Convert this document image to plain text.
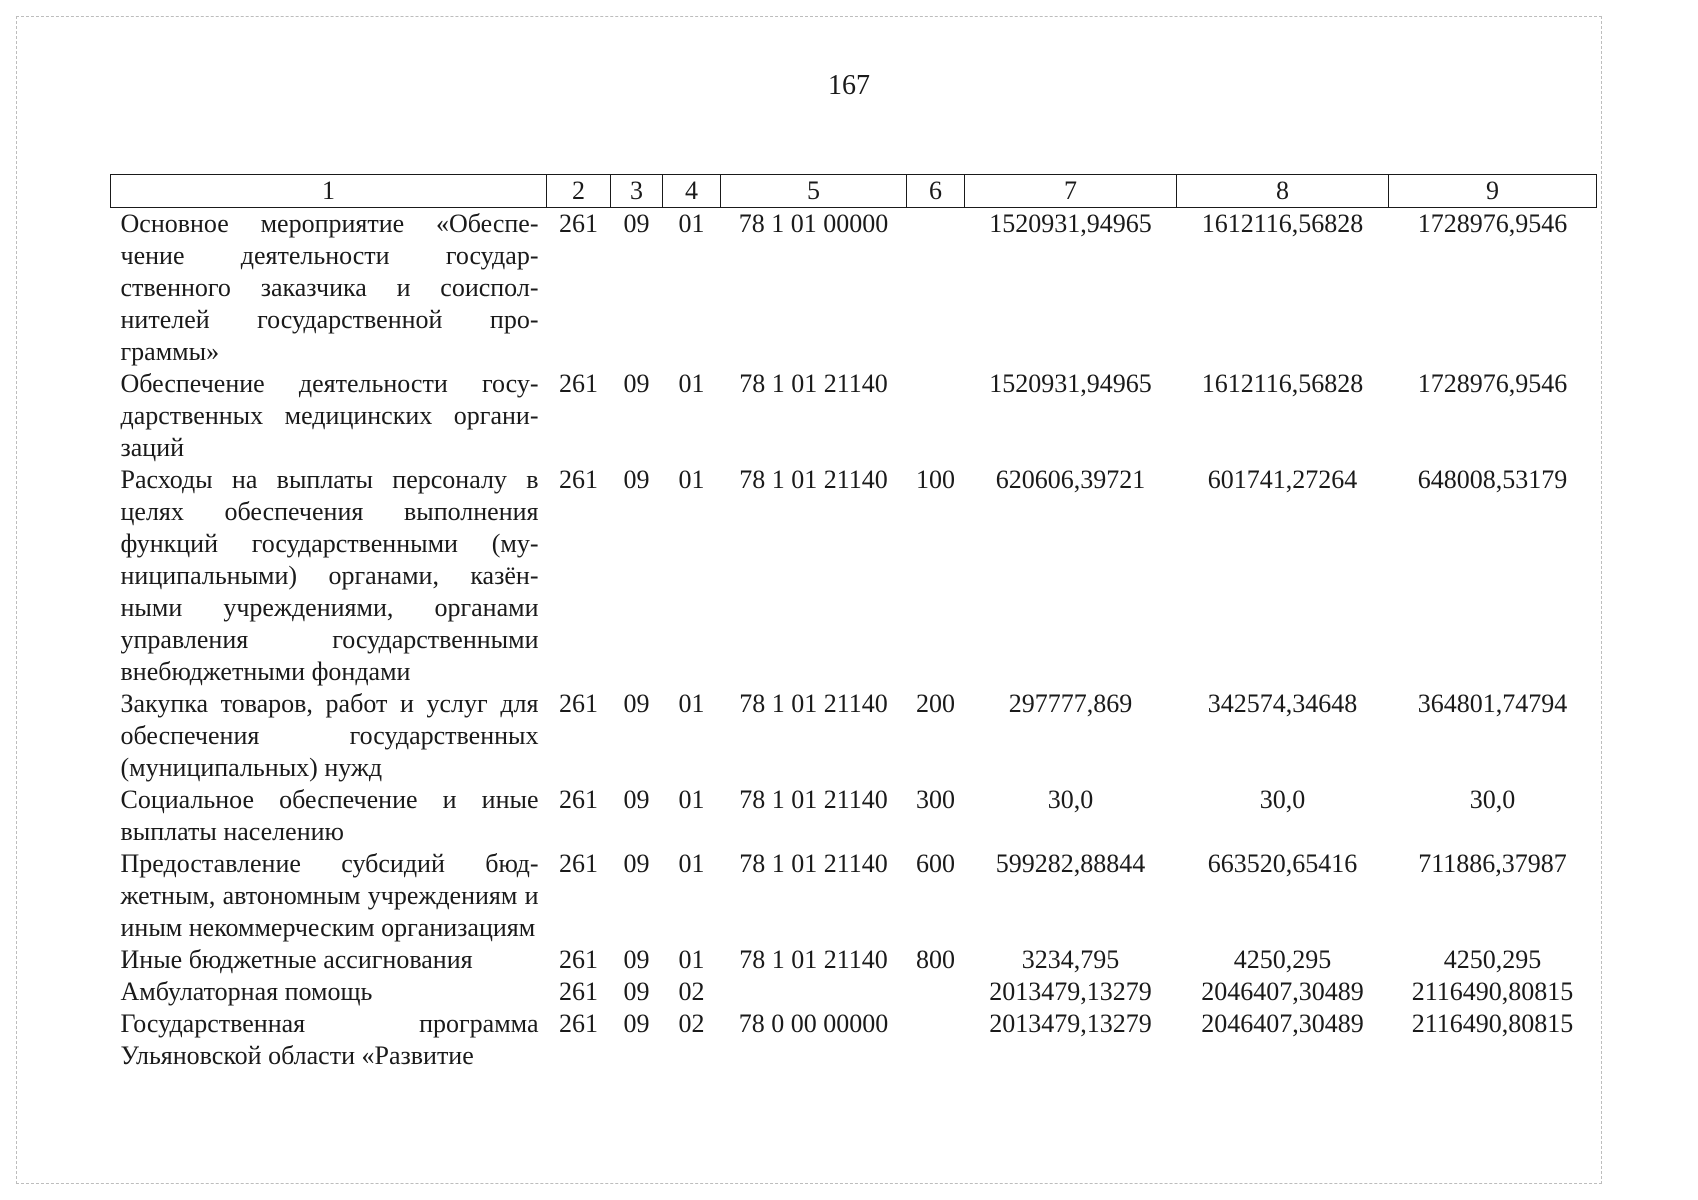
167
1	2	3	4	5	6	7	8	9
Основное мероприятие «Обеспечение деятельности государственного заказчика и соисполнителей государственной программы»	261	09	01	78 1 01 00000		1520931,94965	1612116,56828	1728976,9546
Обеспечение деятельности государственных медицинских организаций	261	09	01	78 1 01 21140		1520931,94965	1612116,56828	1728976,9546
Расходы на выплаты персоналу в целях обеспечения выполнения функций государственными (муниципальными) органами, казёнными учреждениями, органами управления государственными внебюджетными фондами	261	09	01	78 1 01 21140	100	620606,39721	601741,27264	648008,53179
Закупка товаров, работ и услуг для обеспечения государственных (муниципальных) нужд	261	09	01	78 1 01 21140	200	297777,869	342574,34648	364801,74794
Социальное обеспечение и иные выплаты населению	261	09	01	78 1 01 21140	300	30,0	30,0	30,0
Предоставление субсидий бюджетным, автономным учреждениям и иным некоммерческим организациям	261	09	01	78 1 01 21140	600	599282,88844	663520,65416	711886,37987
Иные бюджетные ассигнования	261	09	01	78 1 01 21140	800	3234,795	4250,295	4250,295
Амбулаторная помощь	261	09	02			2013479,13279	2046407,30489	2116490,80815
Государственная программа Ульяновской области «Развитие	261	09	02	78 0 00 00000		2013479,13279	2046407,30489	2116490,80815
